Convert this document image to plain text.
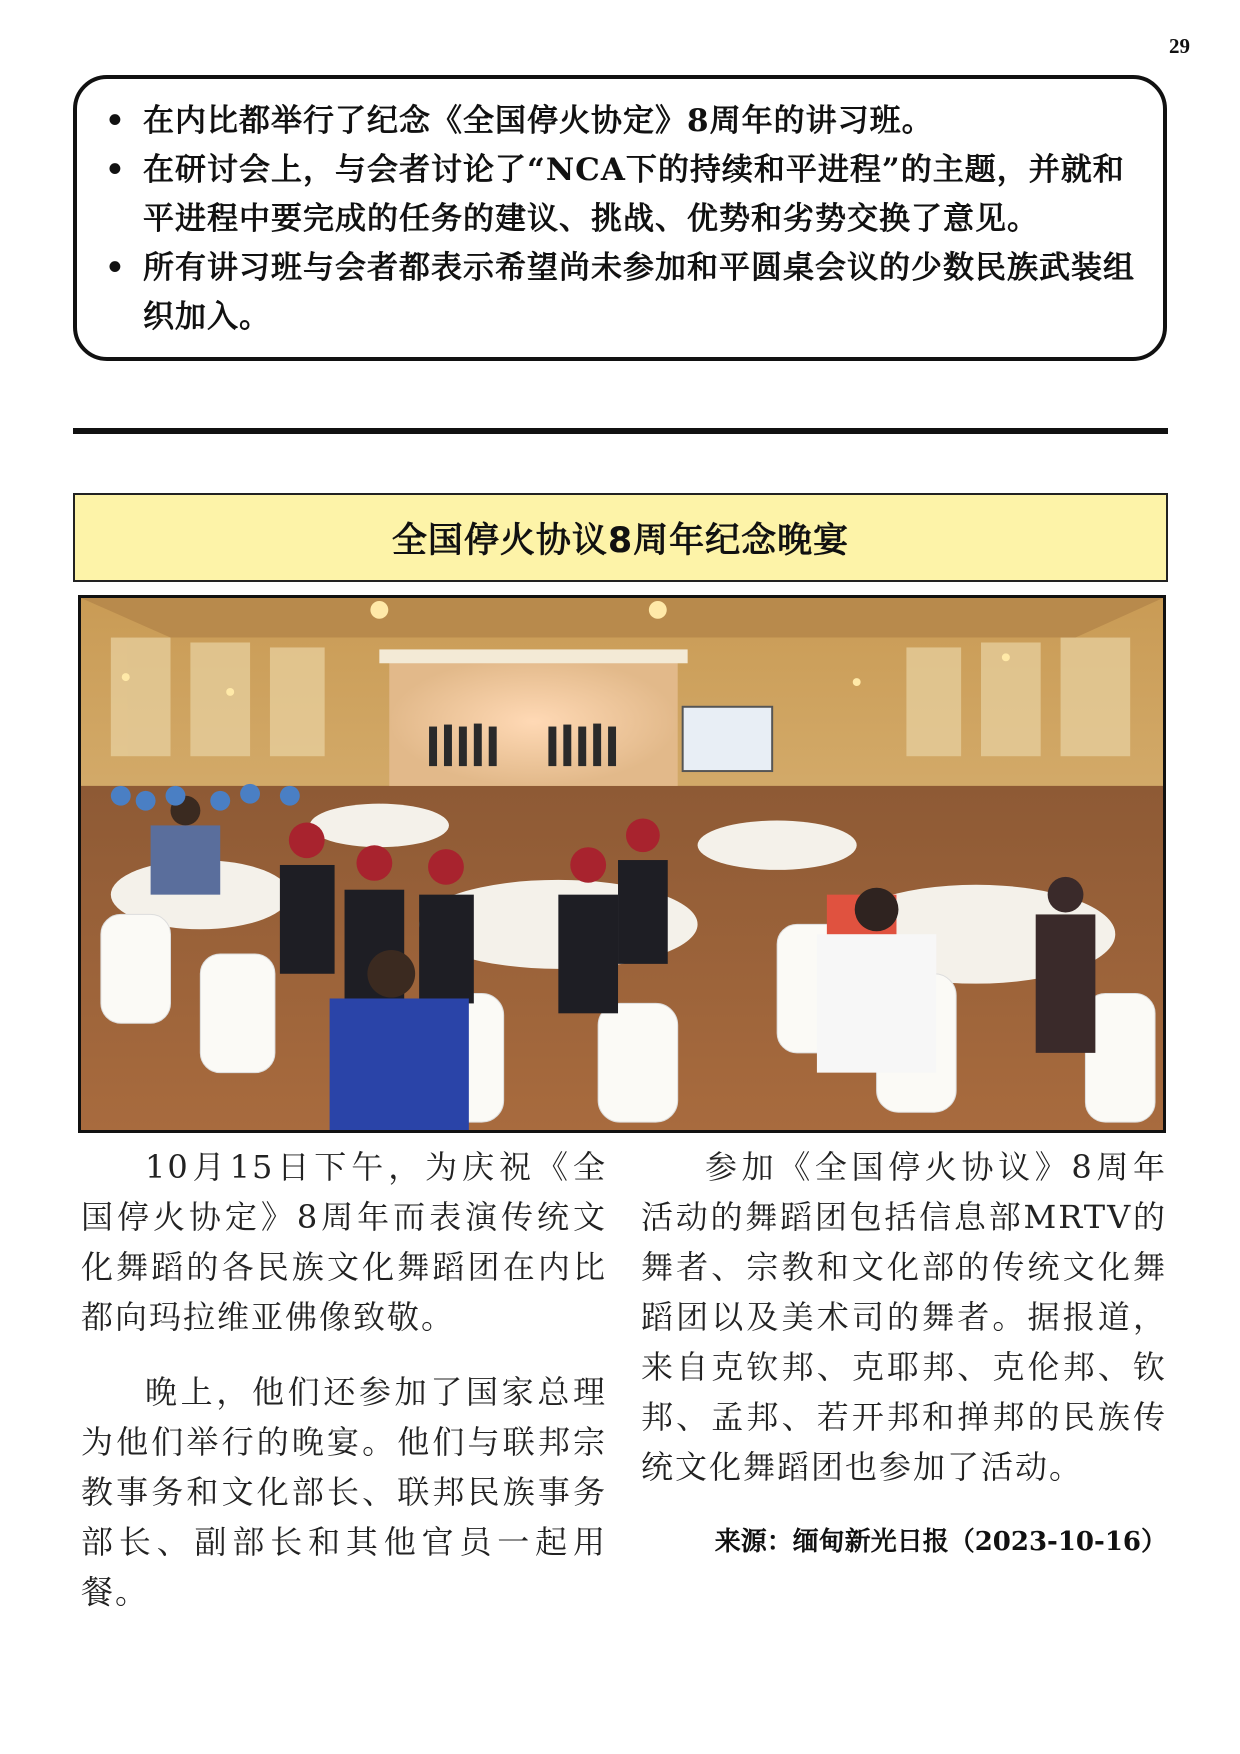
29
• 在内比都举行了纪念《全国停火协定》8周年的讲习班。
• 在研讨会上，与会者讨论了“NCA下的持续和平进程”的主题，并就和平进程中要完成的任务的建议、挑战、优势和劣势交换了意见。
• 所有讲习班与会者都表示希望尚未参加和平圆桌会议的少数民族武装组织加入。
全国停火协议8周年纪念晚宴

10月15日下午，为庆祝《全国停火协定》8周年而表演传统文化舞蹈的各民族文化舞蹈团在内比都向玛拉维亚佛像致敬。

晚上，他们还参加了国家总理为他们举行的晚宴。他们与联邦宗教事务和文化部长、联邦民族事务部长、副部长和其他官员一起用餐。

参加《全国停火协议》8周年活动的舞蹈团包括信息部MRTV的舞者、宗教和文化部的传统文化舞蹈团以及美术司的舞者。据报道，来自克钦邦、克耶邦、克伦邦、钦邦、孟邦、若开邦和掸邦的民族传统文化舞蹈团也参加了活动。

来源：缅甸新光日报（2023-10-16）
